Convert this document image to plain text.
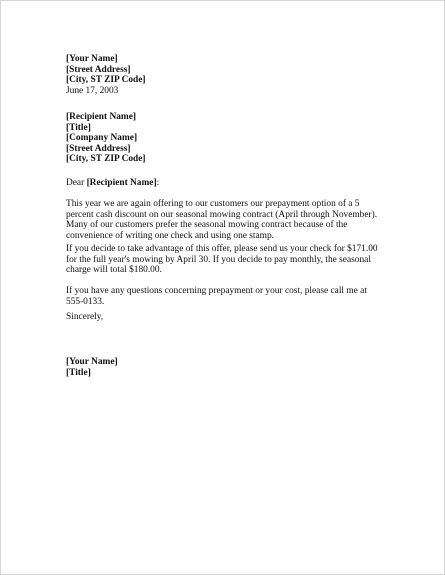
[Your Name]
[Street Address]
[City, ST ZIP Code]
June 17, 2003
[Recipient Name]
[Title]
[Company Name]
[Street Address]
[City, ST ZIP Code]
Dear [Recipient Name]:
This year we are again offering to our customers our prepayment option of a 5 percent cash discount on our seasonal mowing contract (April through November). Many of our customers prefer the seasonal mowing contract because of the convenience of writing one check and using one stamp.
If you decide to take advantage of this offer, please send us your check for $171.00 for the full year's mowing by April 30. If you decide to pay monthly, the seasonal charge will total $180.00.
If you have any questions concerning prepayment or your cost, please call me at 555-0133.
Sincerely,
[Your Name]
[Title]
